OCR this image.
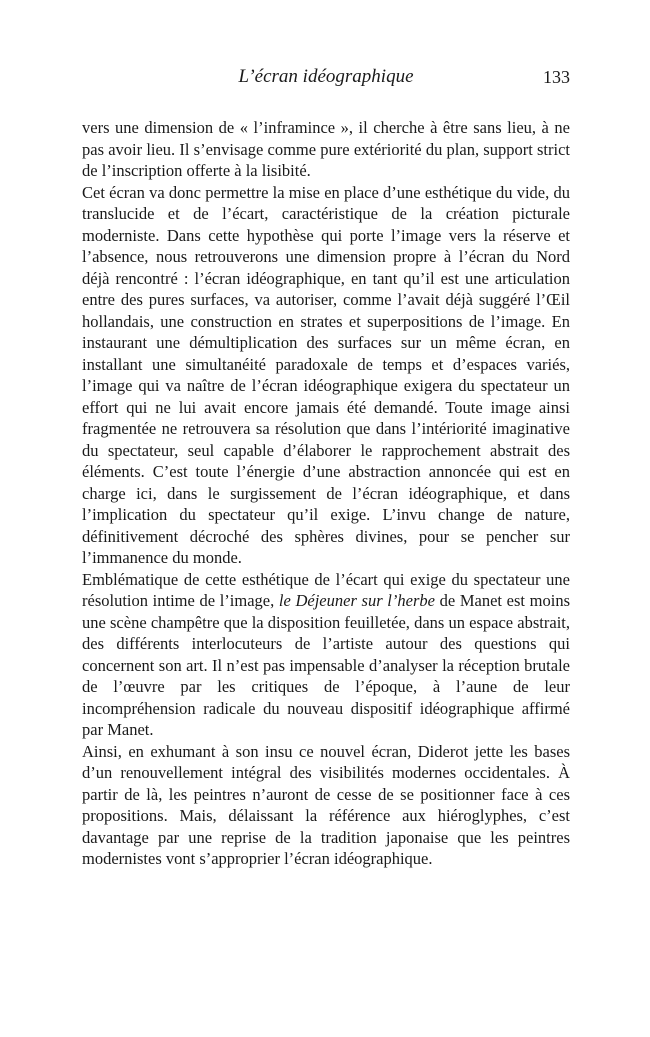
L’écran idéographique	133

vers une dimension de « l’inframince », il cherche à être sans lieu, à ne pas avoir lieu. Il s’envisage comme pure extériorité du plan, support strict de l’inscription offerte à la lisibité.

Cet écran va donc permettre la mise en place d’une esthétique du vide, du translucide et de l’écart, caractéristique de la création picturale moderniste. Dans cette hypothèse qui porte l’image vers la réserve et l’absence, nous retrouverons une dimension propre à l’écran du Nord déjà rencontré : l’écran idéographique, en tant qu’il est une articulation entre des pures surfaces, va autoriser, comme l’avait déjà suggéré l’Œil hollandais, une construction en strates et superpositions de l’image. En instaurant une démultiplication des surfaces sur un même écran, en installant une simultanéité paradoxale de temps et d’espaces variés, l’image qui va naître de l’écran idéographique exigera du spectateur un effort qui ne lui avait encore jamais été demandé. Toute image ainsi fragmentée ne retrouvera sa résolution que dans l’intériorité imaginative du spectateur, seul capable d’élaborer le rapprochement abstrait des éléments. C’est toute l’énergie d’une abstraction annoncée qui est en charge ici, dans le surgissement de l’écran idéographique, et dans l’implication du spectateur qu’il exige. L’invu change de nature, définitivement décroché des sphères divines, pour se pencher sur l’immanence du monde.

Emblématique de cette esthétique de l’écart qui exige du spectateur une résolution intime de l’image, le Déjeuner sur l’herbe de Manet est moins une scène champêtre que la disposition feuilletée, dans un espace abstrait, des différents interlocuteurs de l’artiste autour des questions qui concernent son art. Il n’est pas impensable d’analyser la réception brutale de l’œuvre par les critiques de l’époque, à l’aune de leur incompréhension radicale du nouveau dispositif idéographique affirmé par Manet.

Ainsi, en exhumant à son insu ce nouvel écran, Diderot jette les bases d’un renouvellement intégral des visibilités modernes occidentales. À partir de là, les peintres n’auront de cesse de se positionner face à ces propositions. Mais, délaissant la référence aux hiéroglyphes, c’est davantage par une reprise de la tradition japonaise que les peintres modernistes vont s’approprier l’écran idéographique.
